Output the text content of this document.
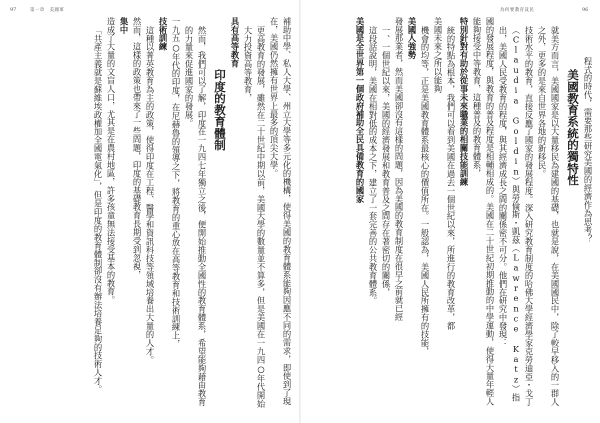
97	第一章　美國軍	為何要教育貧民	96
程式的時代，需要那些研究美國的經濟作為思考？
美國教育系統的獨特性
就美方而言，美國國家是以大量移民為建國的基礎，也就是說，在美國國民中，除了較早移入的一群人之外，更多的是來自世界各地的新移民。
技術水平的教育，直接反應了國家的發展程度。深入研究教育制度的哈佛大學經濟學家克勞迪亞・戈丁（Claudia Goldin）與勞倫斯・凱茲（Lawrence Katz）指出，美國人民受教育的程度，與其經濟成長之間的關係密不可分。他們在研究中發現：
國的發展程度，與教育的普及程度是相輔相成的。美國在二十世紀初期推動的中學運動，使得大量年輕人能夠接受中等教育，這種普及的教育體系，
特別針對有助於從事未來職業的相關技能訓練
統的特點為根本，我們可以看到美國在過去一個世紀以來，所進行的教育改革，都
美國未來之所以能夠
機會的均等，正是美國教育體系最核心的價值所在。一般認為，美國人民所擁有的技能，
美國人強勢
發展那業者，然而美國卻沒有這樣的問題，因為美國的教育制度在很早之前就已經
一、一個世紀以來，美國的經濟發展和教育普及之間存在著密切的關係，
這段話說明，美國在相對低的成本之下，建立了一套完善的公共教育體系。
美國是全世界第一個政府補助全民具備教育的國家
補助中學、私人大學、州立大學等多元化的機構，使得美國的教育體系能夠因應不同的需求，即使到了現在，美國仍然擁有世界上最多的頂尖大學。
更高教育的發展，雖然在二十世紀中期以前，美國大學的數量並不算多，但是美國在一九四○年代開始大力投資高等教育，
具有高等教育
印度的教育體制
然而，我們可以了解，印度在一九四七年獨立之後，便開始推動全國性的教育體系，希望能夠藉由教育的力量來促進國家的發展。
一九五○年代的印度，在尼赫魯的領導之下，將教育的重心放在高等教育和技術訓練上，
技術訓練
這種以菁英教育為主的政策，使得印度在工程、醫學和資訊科技等領域培養出大量的人才。
然而，這樣的政策也帶來了一些問題，印度的基礎教育長期受到忽視，
集中
造成了大量的文盲人口，尤其是在農村地區，許多孩童無法接受基本的教育。
「共產主義就是蘇維埃政權加全國電氣化」，但是印度的教育體制卻沒有辦法培養足夠的技術人才。
